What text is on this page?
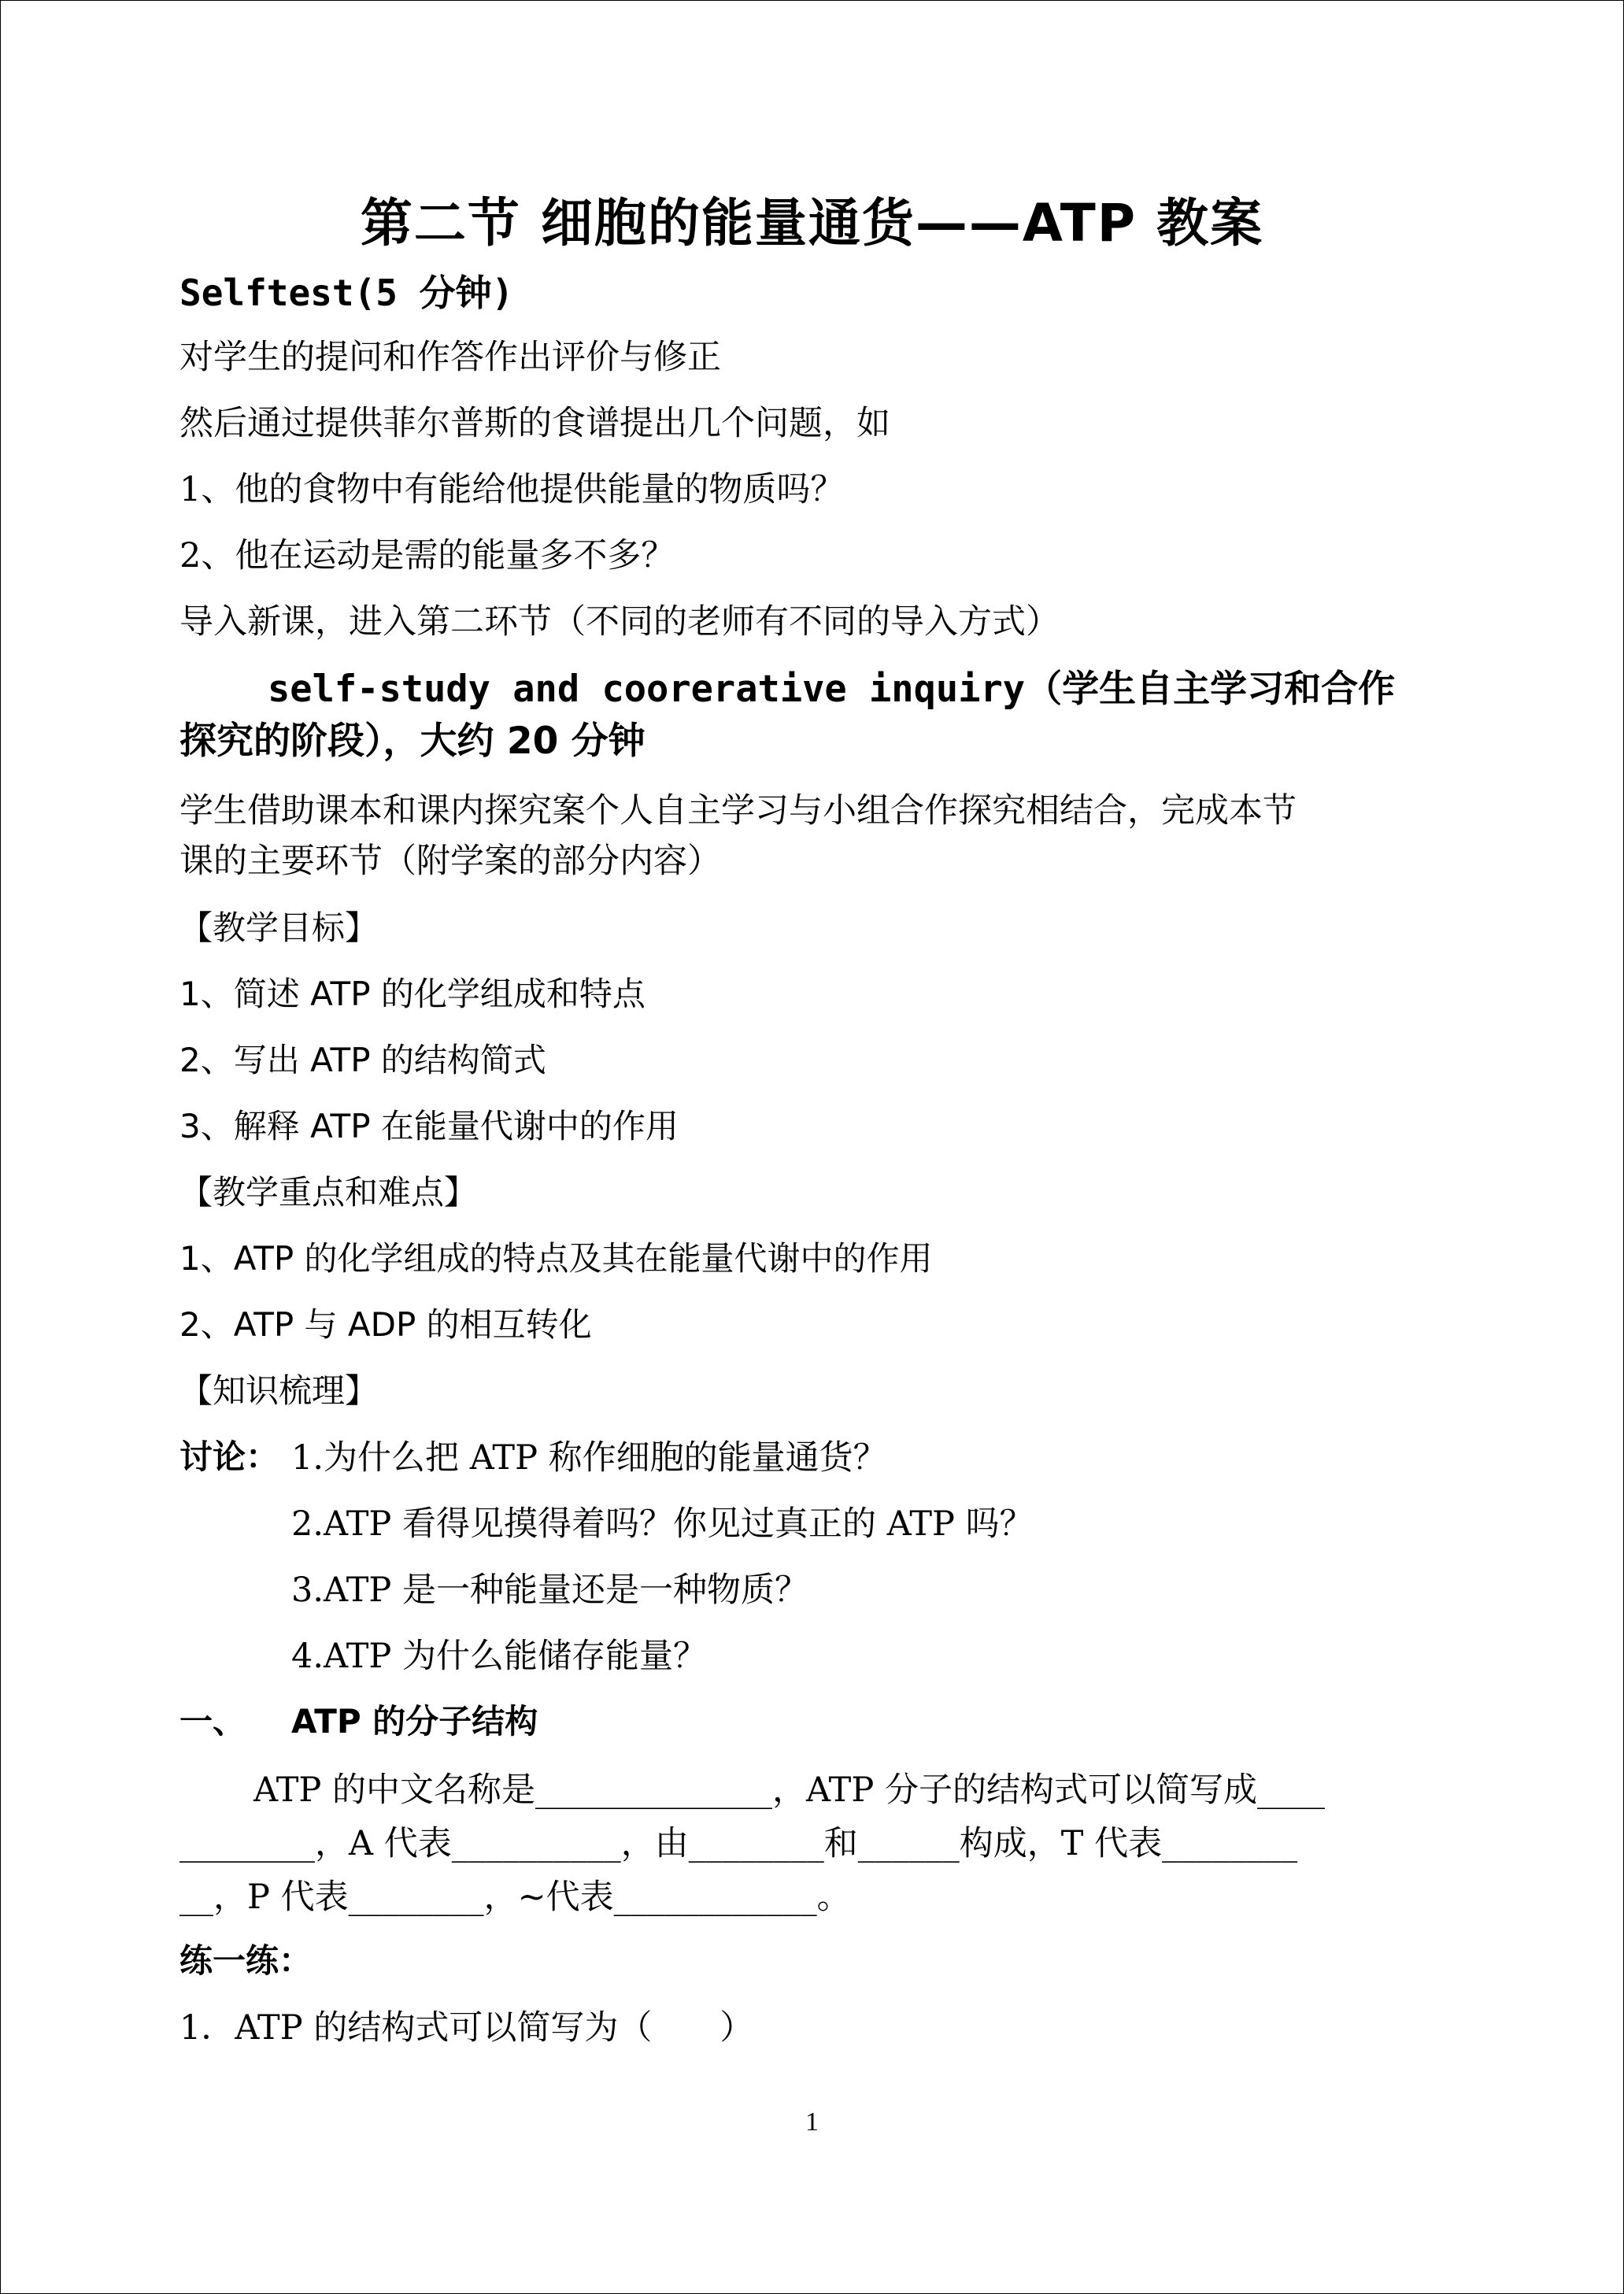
第二节 细胞的能量通货——ATP 教案
Selftest(5 分钟)
对学生的提问和作答作出评价与修正
然后通过提供菲尔普斯的食谱提出几个问题，如
1、他的食物中有能给他提供能量的物质吗？
2、他在运动是需的能量多不多？
导入新课，进入第二环节（不同的老师有不同的导入方式）
self-study and coorerative inquiry（学生自主学习和合作
探究的阶段），大约 20 分钟
学生借助课本和课内探究案个人自主学习与小组合作探究相结合，完成本节
课的主要环节（附学案的部分内容）
【教学目标】
1、简述 ATP 的化学组成和特点
2、写出 ATP 的结构简式
3、解释 ATP 在能量代谢中的作用
【教学重点和难点】
1、ATP 的化学组成的特点及其在能量代谢中的作用
2、ATP 与 ADP 的相互转化
【知识梳理】
讨论： 1.为什么把 ATP 称作细胞的能量通货？
2.ATP 看得见摸得着吗？你见过真正的 ATP 吗？
3.ATP 是一种能量还是一种物质？
4.ATP 为什么能储存能量？
一、 ATP 的分子结构
ATP 的中文名称是______________，ATP 分子的结构式可以简写成____
________，A 代表__________，由________和______构成，T 代表________
__，P 代表________，~代表____________。
练一练：
1．ATP 的结构式可以简写为（　　）
1
